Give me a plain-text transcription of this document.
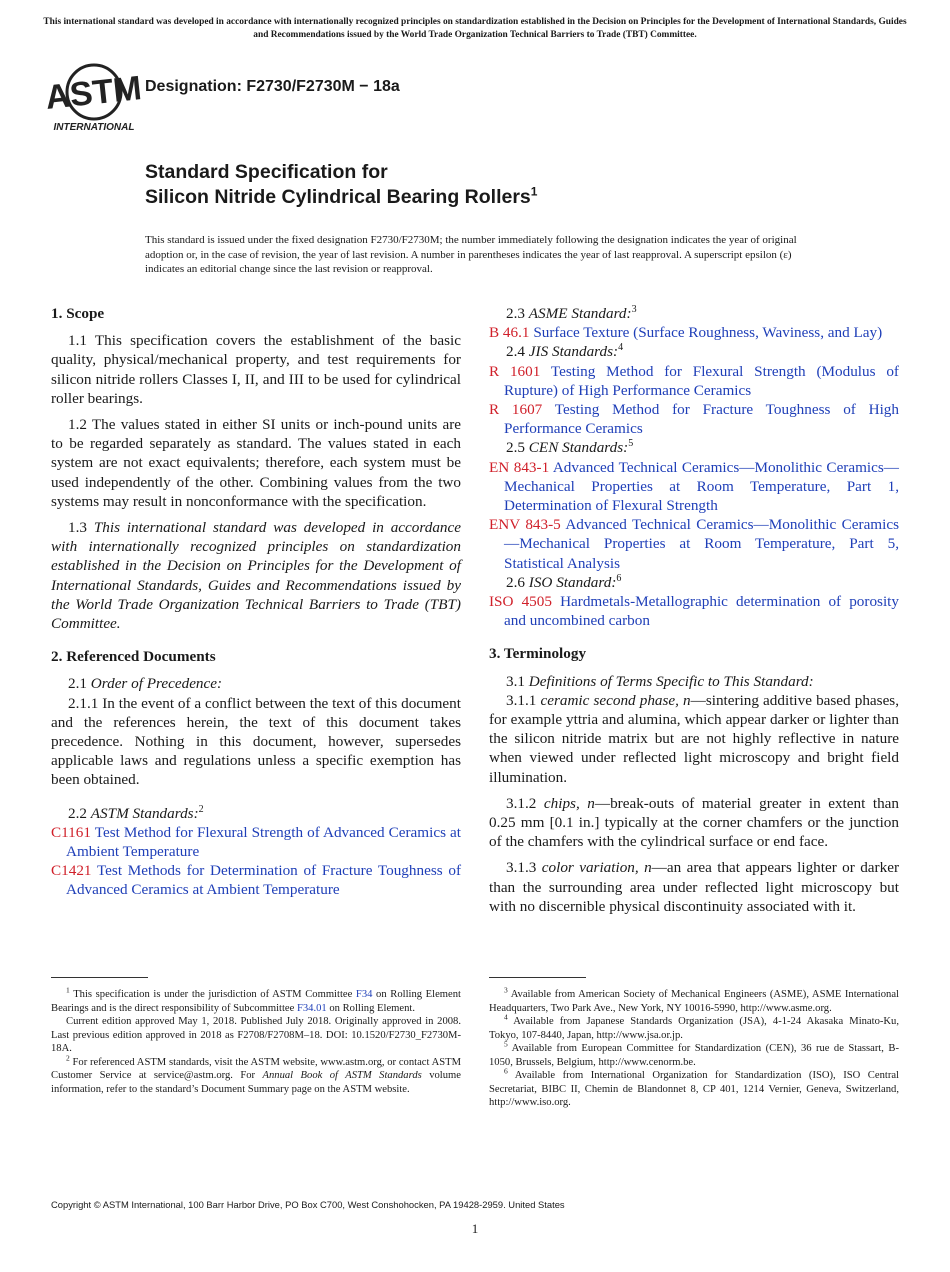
This international standard was developed in accordance with internationally recognized principles on standardization established in the Decision on Principles for the Development of International Standards, Guides and Recommendations issued by the World Trade Organization Technical Barriers to Trade (TBT) Committee.
ASTM
INTERNATIONAL
Designation: F2730/F2730M − 18a
Standard Specification for
Silicon Nitride Cylindrical Bearing Rollers$^1$
This standard is issued under the fixed designation F2730/F2730M; the number immediately following the designation indicates the year of original adoption or, in the case of revision, the year of last revision. A number in parentheses indicates the year of last reapproval. A superscript epsilon (ε) indicates an editorial change since the last revision or reapproval.
1. Scope
1.1 This specification covers the establishment of the basic quality, physical/mechanical property, and test requirements for silicon nitride rollers Classes I, II, and III to be used for cylindrical roller bearings.
1.2 The values stated in either SI units or inch-pound units are to be regarded separately as standard. The values stated in each system are not exact equivalents; therefore, each system must be used independently of the other. Combining values from the two systems may result in nonconformance with the specification.
1.3 This international standard was developed in accordance with internationally recognized principles on standardization established in the Decision on Principles for the Development of International Standards, Guides and Recommendations issued by the World Trade Organization Technical Barriers to Trade (TBT) Committee.
2. Referenced Documents
2.1 Order of Precedence:
2.1.1 In the event of a conflict between the text of this document and the references herein, the text of this document takes precedence. Nothing in this document, however, supersedes applicable laws and regulations unless a specific exemption has been obtained.
2.2 ASTM Standards:$^2$
C1161 Test Method for Flexural Strength of Advanced Ceramics at Ambient Temperature
C1421 Test Methods for Determination of Fracture Toughness of Advanced Ceramics at Ambient Temperature
2.3 ASME Standard:$^3$
B 46.1 Surface Texture (Surface Roughness, Waviness, and Lay)
2.4 JIS Standards:$^4$
R 1601 Testing Method for Flexural Strength (Modulus of Rupture) of High Performance Ceramics
R 1607 Testing Method for Fracture Toughness of High Performance Ceramics
2.5 CEN Standards:$^5$
EN 843-1 Advanced Technical Ceramics—Monolithic Ceramics—Mechanical Properties at Room Temperature, Part 1, Determination of Flexural Strength
ENV 843-5 Advanced Technical Ceramics—Monolithic Ceramics—Mechanical Properties at Room Temperature, Part 5, Statistical Analysis
2.6 ISO Standard:$^6$
ISO 4505 Hardmetals-Metallographic determination of porosity and uncombined carbon
3. Terminology
3.1 Definitions of Terms Specific to This Standard:
3.1.1 ceramic second phase, n—sintering additive based phases, for example yttria and alumina, which appear darker or lighter than the silicon nitride matrix but are not highly reflective in nature when viewed under reflected light microscopy and bright field illumination.
3.1.2 chips, n—break-outs of material greater in extent than 0.25 mm [0.1 in.] typically at the corner chamfers or the junction of the chamfers with the cylindrical surface or end face.
3.1.3 color variation, n—an area that appears lighter or darker than the surrounding area under reflected light microscopy but with no discernible physical discontinuity associated with it.

$^1$ This specification is under the jurisdiction of ASTM Committee F34 on Rolling Element Bearings and is the direct responsibility of Subcommittee F34.01 on Rolling Element.

Current edition approved May 1, 2018. Published July 2018. Originally approved in 2008. Last previous edition approved in 2018 as F2708/F2708M–18. DOI: 10.1520/F2730_F2730M-18A.

$^2$ For referenced ASTM standards, visit the ASTM website, www.astm.org, or contact ASTM Customer Service at service@astm.org. For Annual Book of ASTM Standards volume information, refer to the standard’s Document Summary page on the ASTM website.

$^3$ Available from American Society of Mechanical Engineers (ASME), ASME International Headquarters, Two Park Ave., New York, NY 10016-5990, http://www.asme.org.

$^4$ Available from Japanese Standards Organization (JSA), 4-1-24 Akasaka Minato-Ku, Tokyo, 107-8440, Japan, http://www.jsa.or.jp.

$^5$ Available from European Committee for Standardization (CEN), 36 rue de Stassart, B-1050, Brussels, Belgium, http://www.cenorm.be.

$^6$ Available from International Organization for Standardization (ISO), ISO Central Secretariat, BIBC II, Chemin de Blandonnet 8, CP 401, 1214 Vernier, Geneva, Switzerland, http://www.iso.org.

Copyright © ASTM International, 100 Barr Harbor Drive, PO Box C700, West Conshohocken, PA 19428-2959. United States
1
